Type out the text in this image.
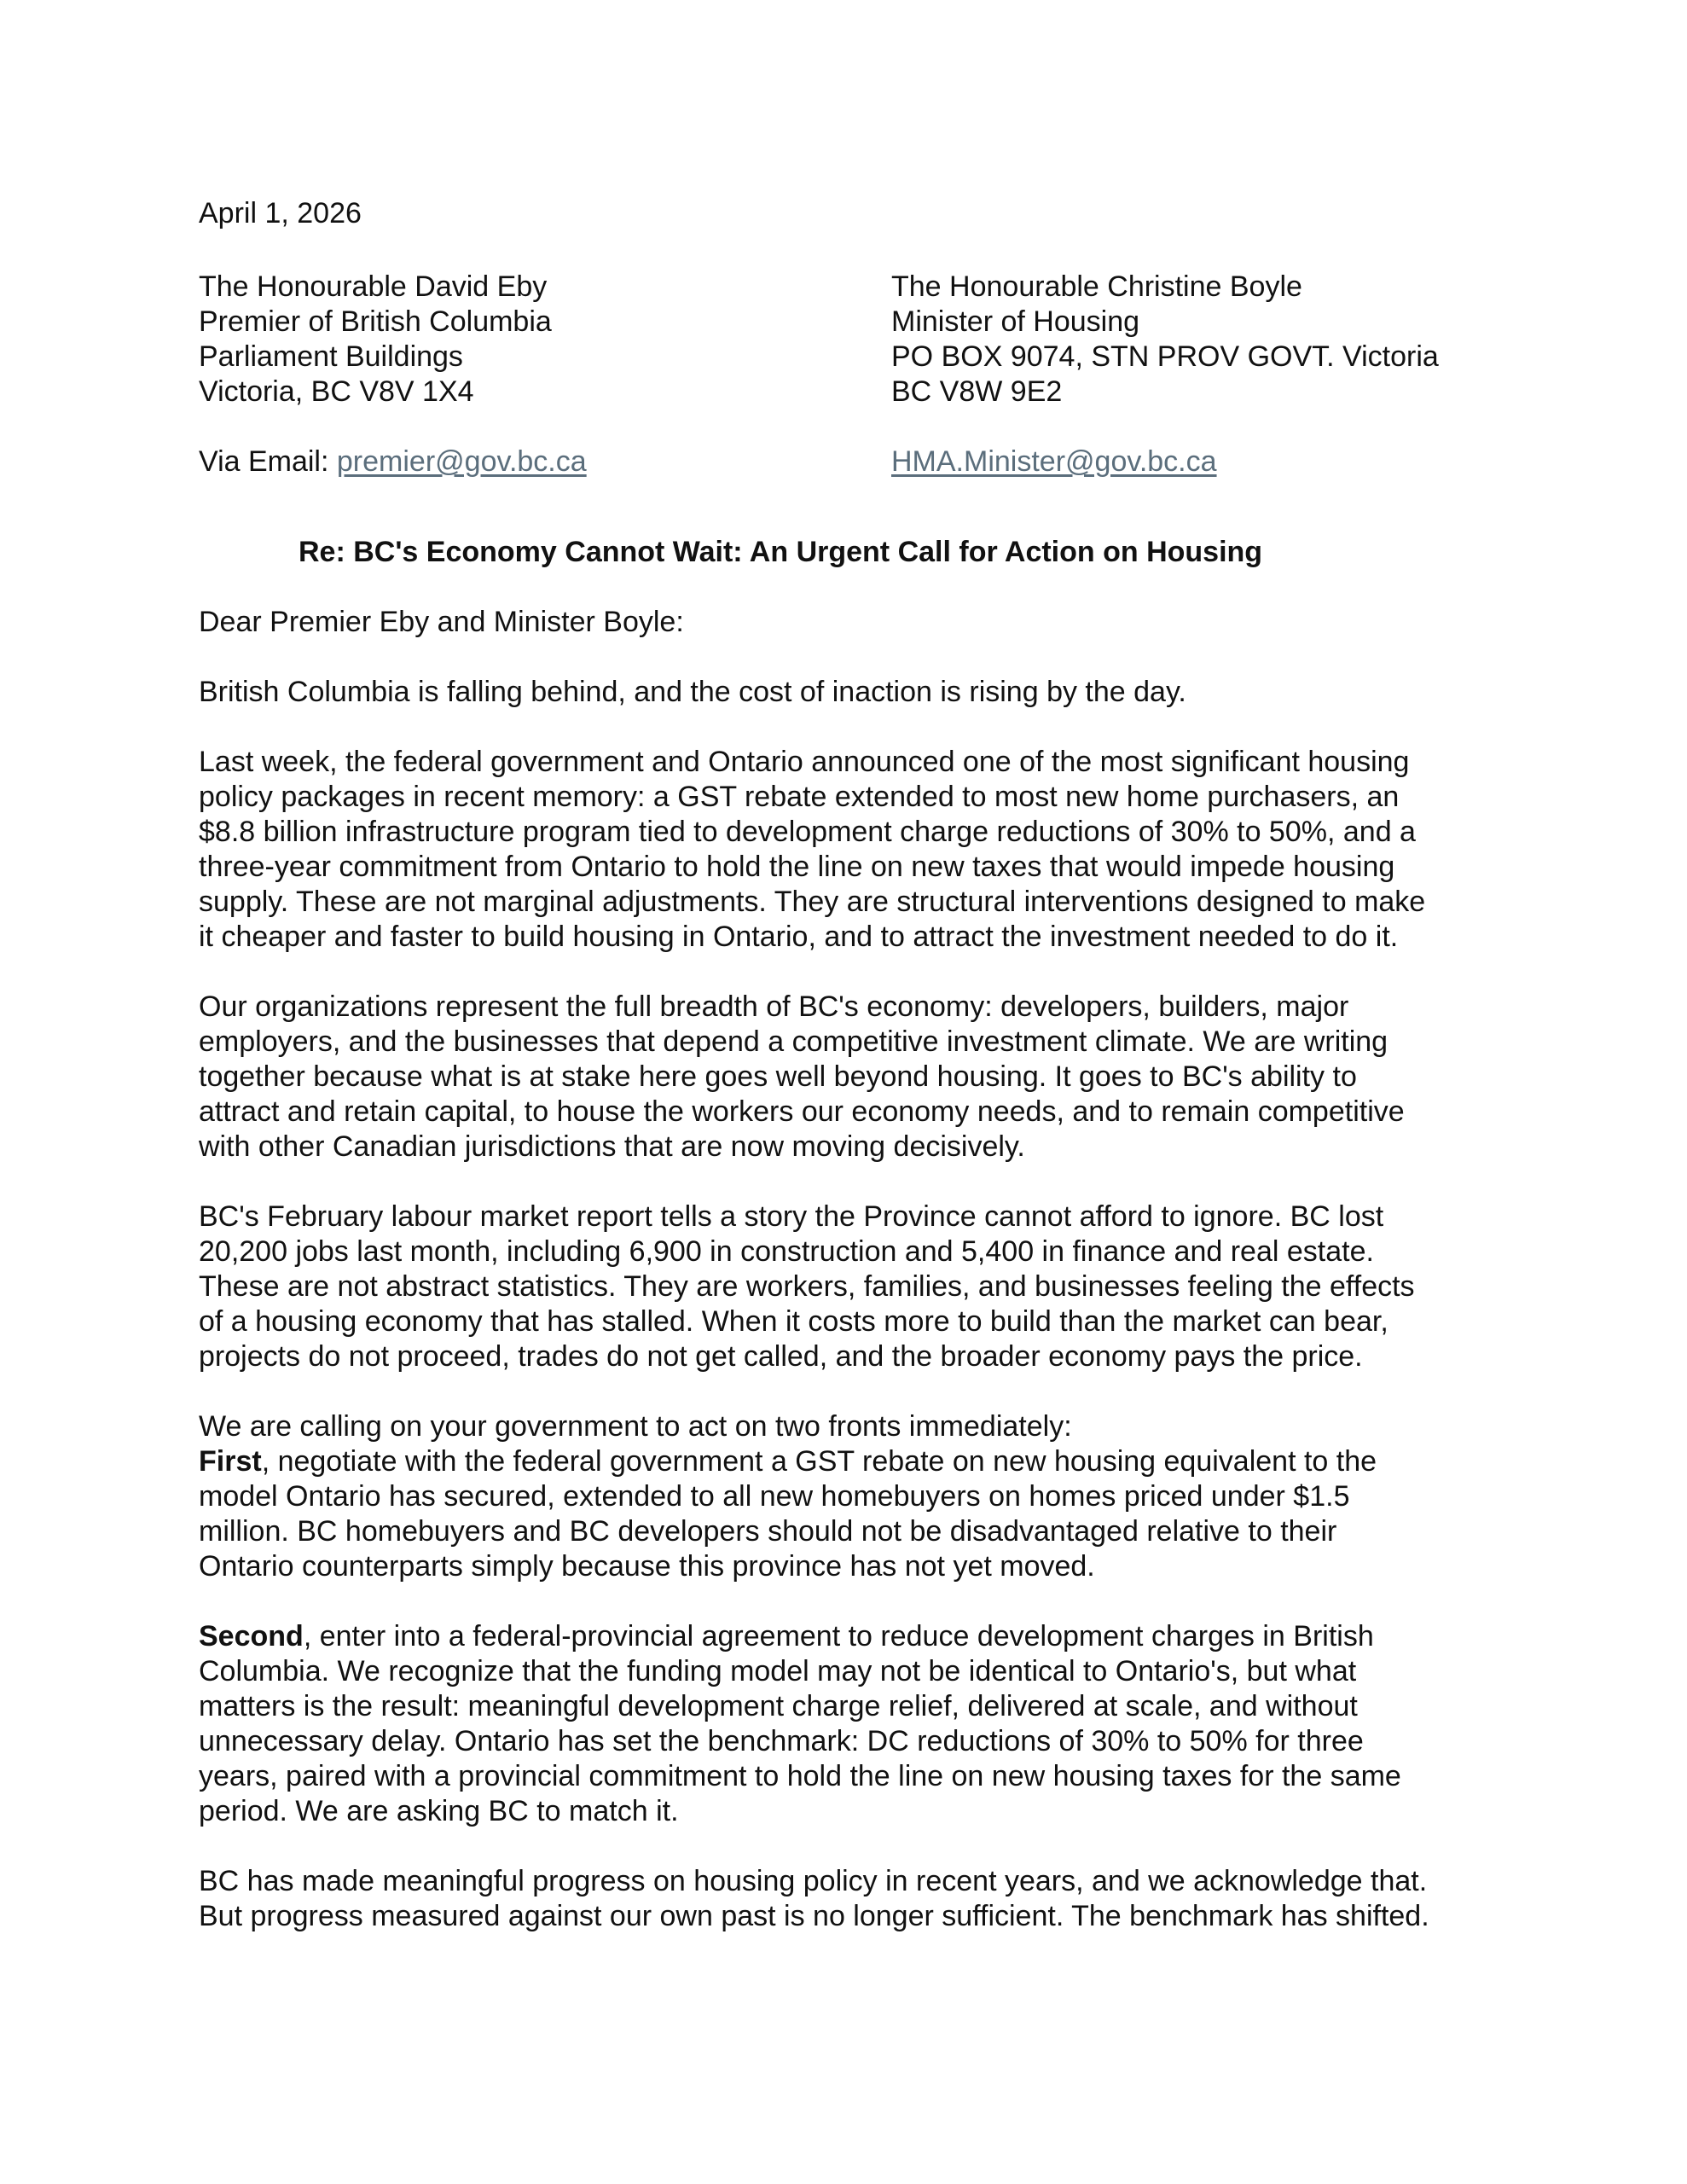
April 1, 2026
The Honourable David Eby
Premier of British Columbia
Parliament Buildings
Victoria, BC V8V 1X4
Via Email: premier@gov.bc.ca
The Honourable Christine Boyle
Minister of Housing
PO BOX 9074, STN PROV GOVT. Victoria
BC V8W 9E2
HMA.Minister@gov.bc.ca
Re: BC's Economy Cannot Wait: An Urgent Call for Action on Housing
Dear Premier Eby and Minister Boyle:
British Columbia is falling behind, and the cost of inaction is rising by the day.
Last week, the federal government and Ontario announced one of the most significant housing
policy packages in recent memory: a GST rebate extended to most new home purchasers, an
$8.8 billion infrastructure program tied to development charge reductions of 30% to 50%, and a
three-year commitment from Ontario to hold the line on new taxes that would impede housing
supply. These are not marginal adjustments. They are structural interventions designed to make
it cheaper and faster to build housing in Ontario, and to attract the investment needed to do it.
Our organizations represent the full breadth of BC's economy: developers, builders, major
employers, and the businesses that depend a competitive investment climate. We are writing
together because what is at stake here goes well beyond housing. It goes to BC's ability to
attract and retain capital, to house the workers our economy needs, and to remain competitive
with other Canadian jurisdictions that are now moving decisively.
BC's February labour market report tells a story the Province cannot afford to ignore. BC lost
20,200 jobs last month, including 6,900 in construction and 5,400 in finance and real estate.
These are not abstract statistics. They are workers, families, and businesses feeling the effects
of a housing economy that has stalled. When it costs more to build than the market can bear,
projects do not proceed, trades do not get called, and the broader economy pays the price.
We are calling on your government to act on two fronts immediately:
First, negotiate with the federal government a GST rebate on new housing equivalent to the
model Ontario has secured, extended to all new homebuyers on homes priced under $1.5
million. BC homebuyers and BC developers should not be disadvantaged relative to their
Ontario counterparts simply because this province has not yet moved.
Second, enter into a federal-provincial agreement to reduce development charges in British
Columbia. We recognize that the funding model may not be identical to Ontario's, but what
matters is the result: meaningful development charge relief, delivered at scale, and without
unnecessary delay. Ontario has set the benchmark: DC reductions of 30% to 50% for three
years, paired with a provincial commitment to hold the line on new housing taxes for the same
period. We are asking BC to match it.
BC has made meaningful progress on housing policy in recent years, and we acknowledge that.
But progress measured against our own past is no longer sufficient. The benchmark has shifted.
